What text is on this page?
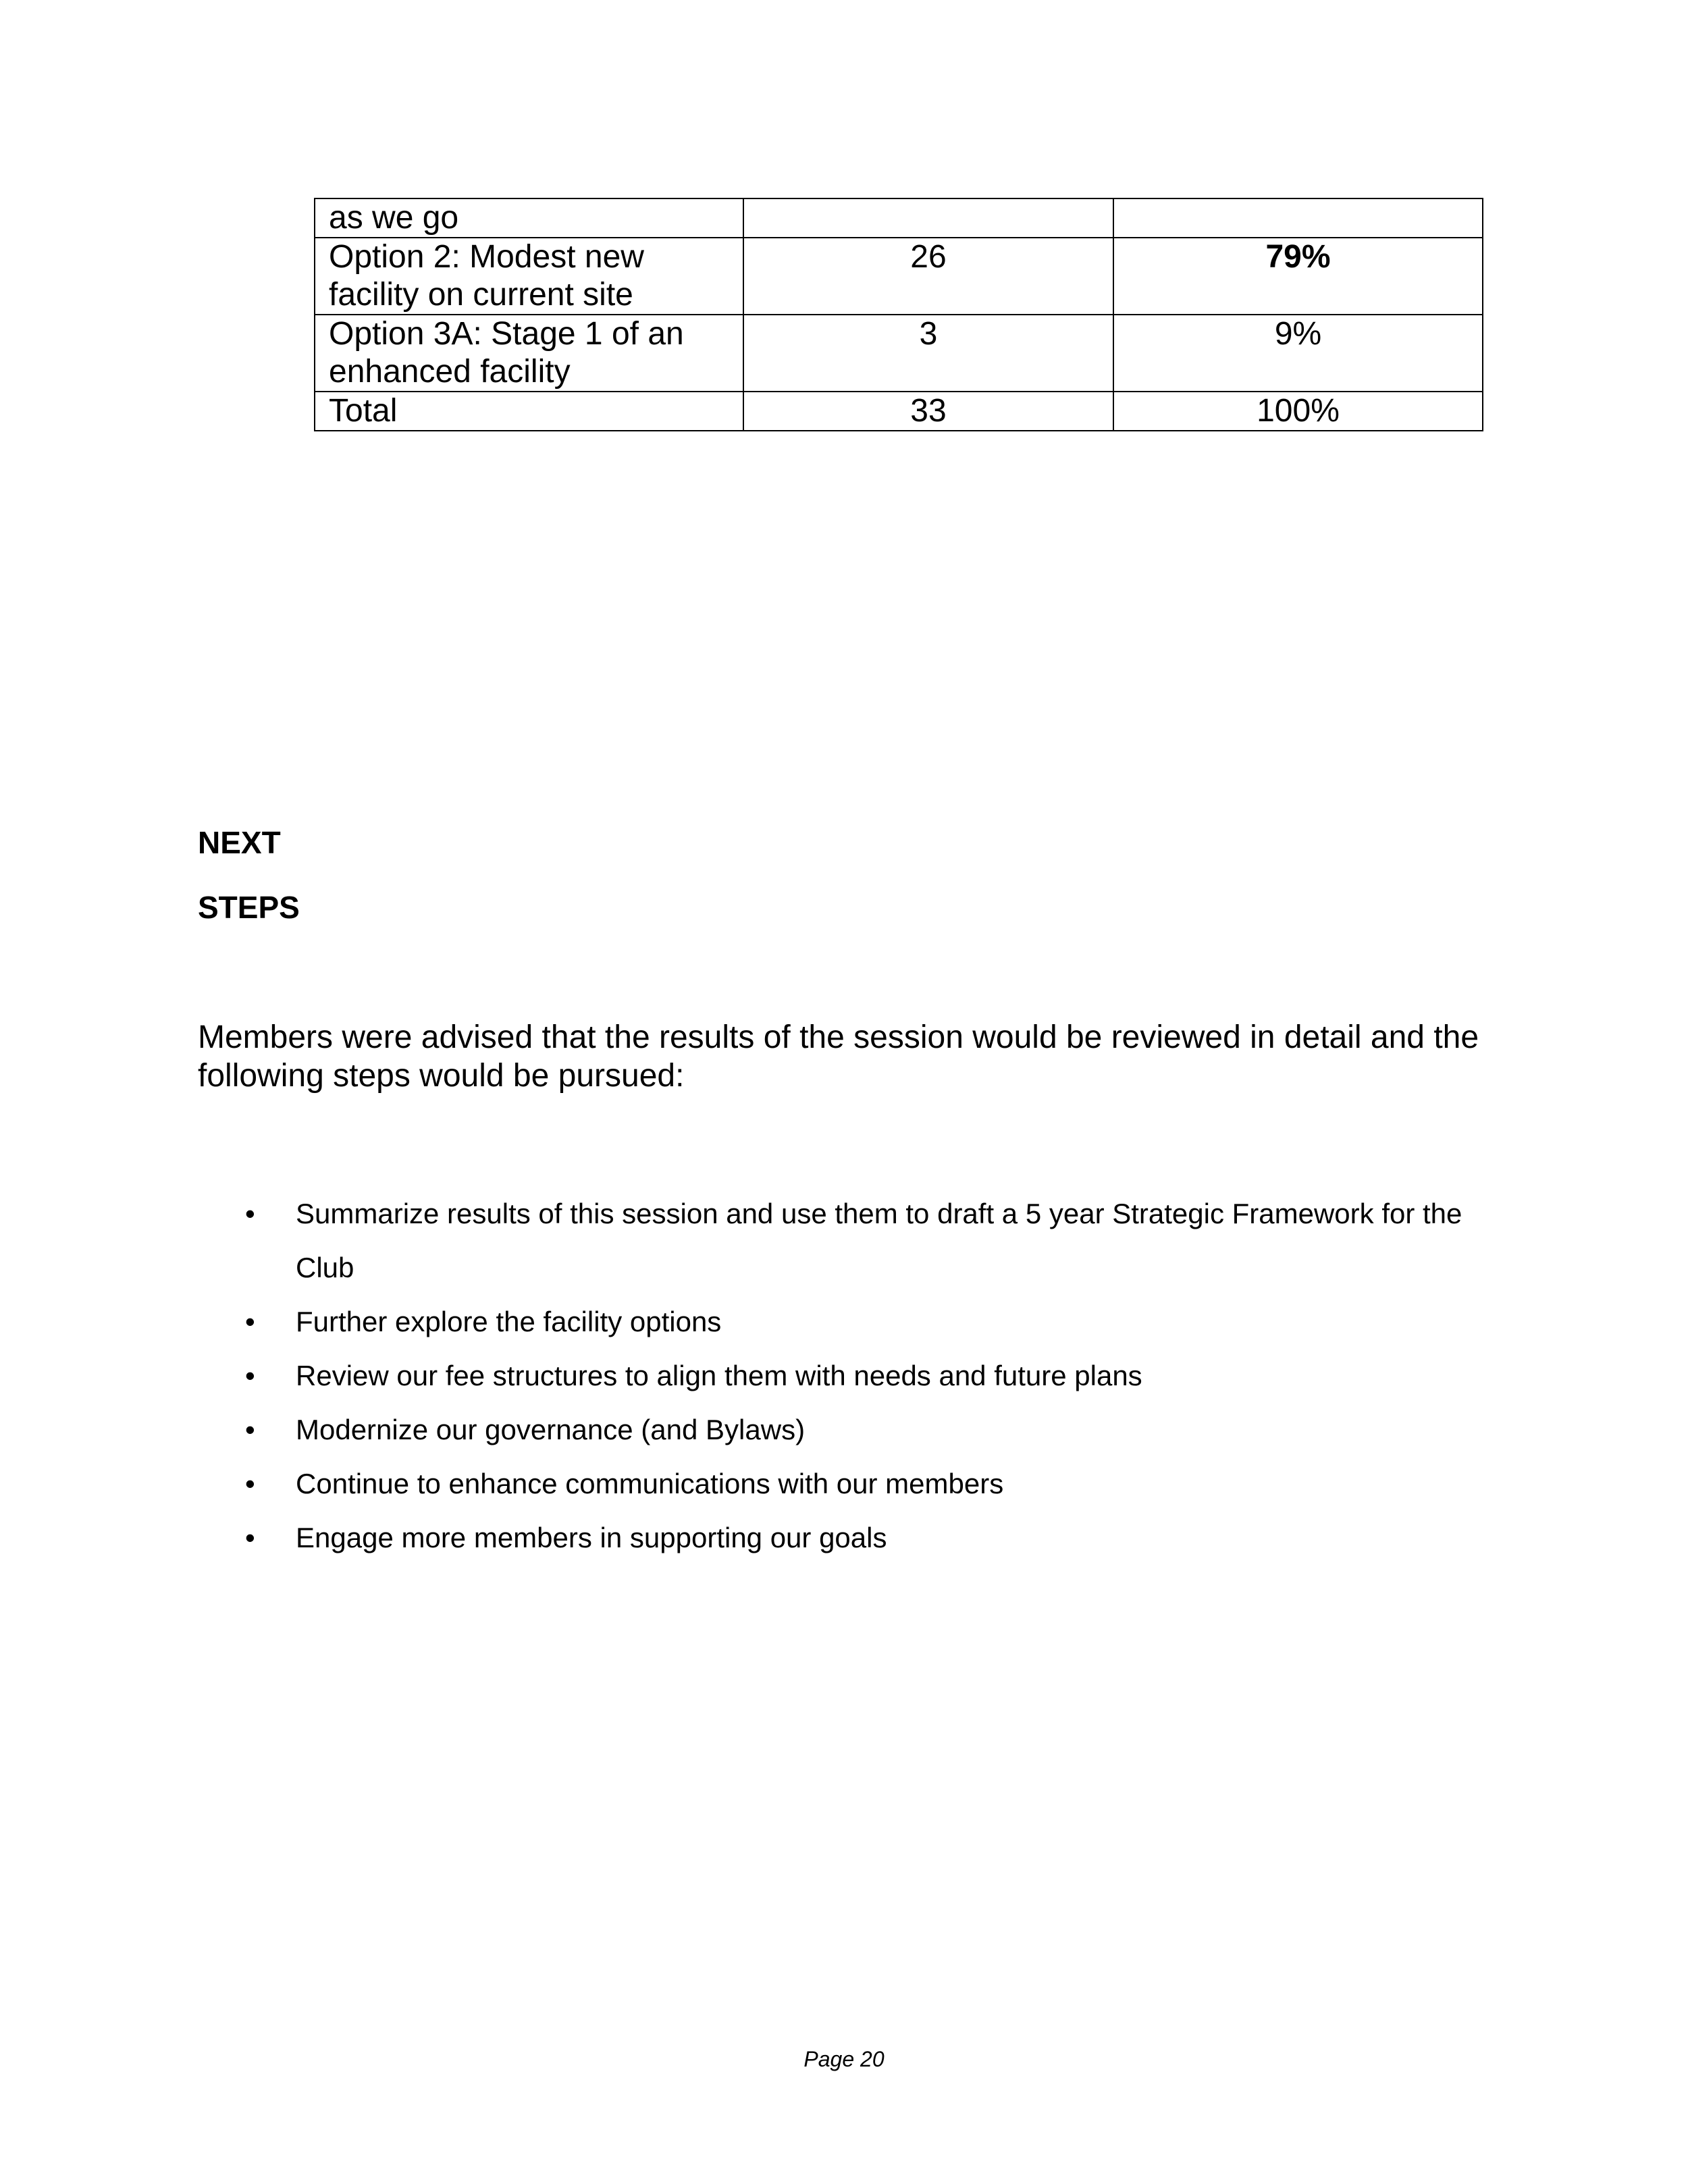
as we go		
Option 2: Modest new facility on current site	26	79%
Option 3A: Stage 1 of an enhanced facility	3	9%
Total	33	100%

NEXT

STEPS

Members were advised that the results of the session would be reviewed in detail and the following steps would be pursued:

• Summarize results of this session and use them to draft a 5 year Strategic Framework for the Club
• Further explore the facility options
• Review our fee structures to align them with needs and future plans
• Modernize our governance (and Bylaws)
• Continue to enhance communications with our members
• Engage more members in supporting our goals

Page 20
